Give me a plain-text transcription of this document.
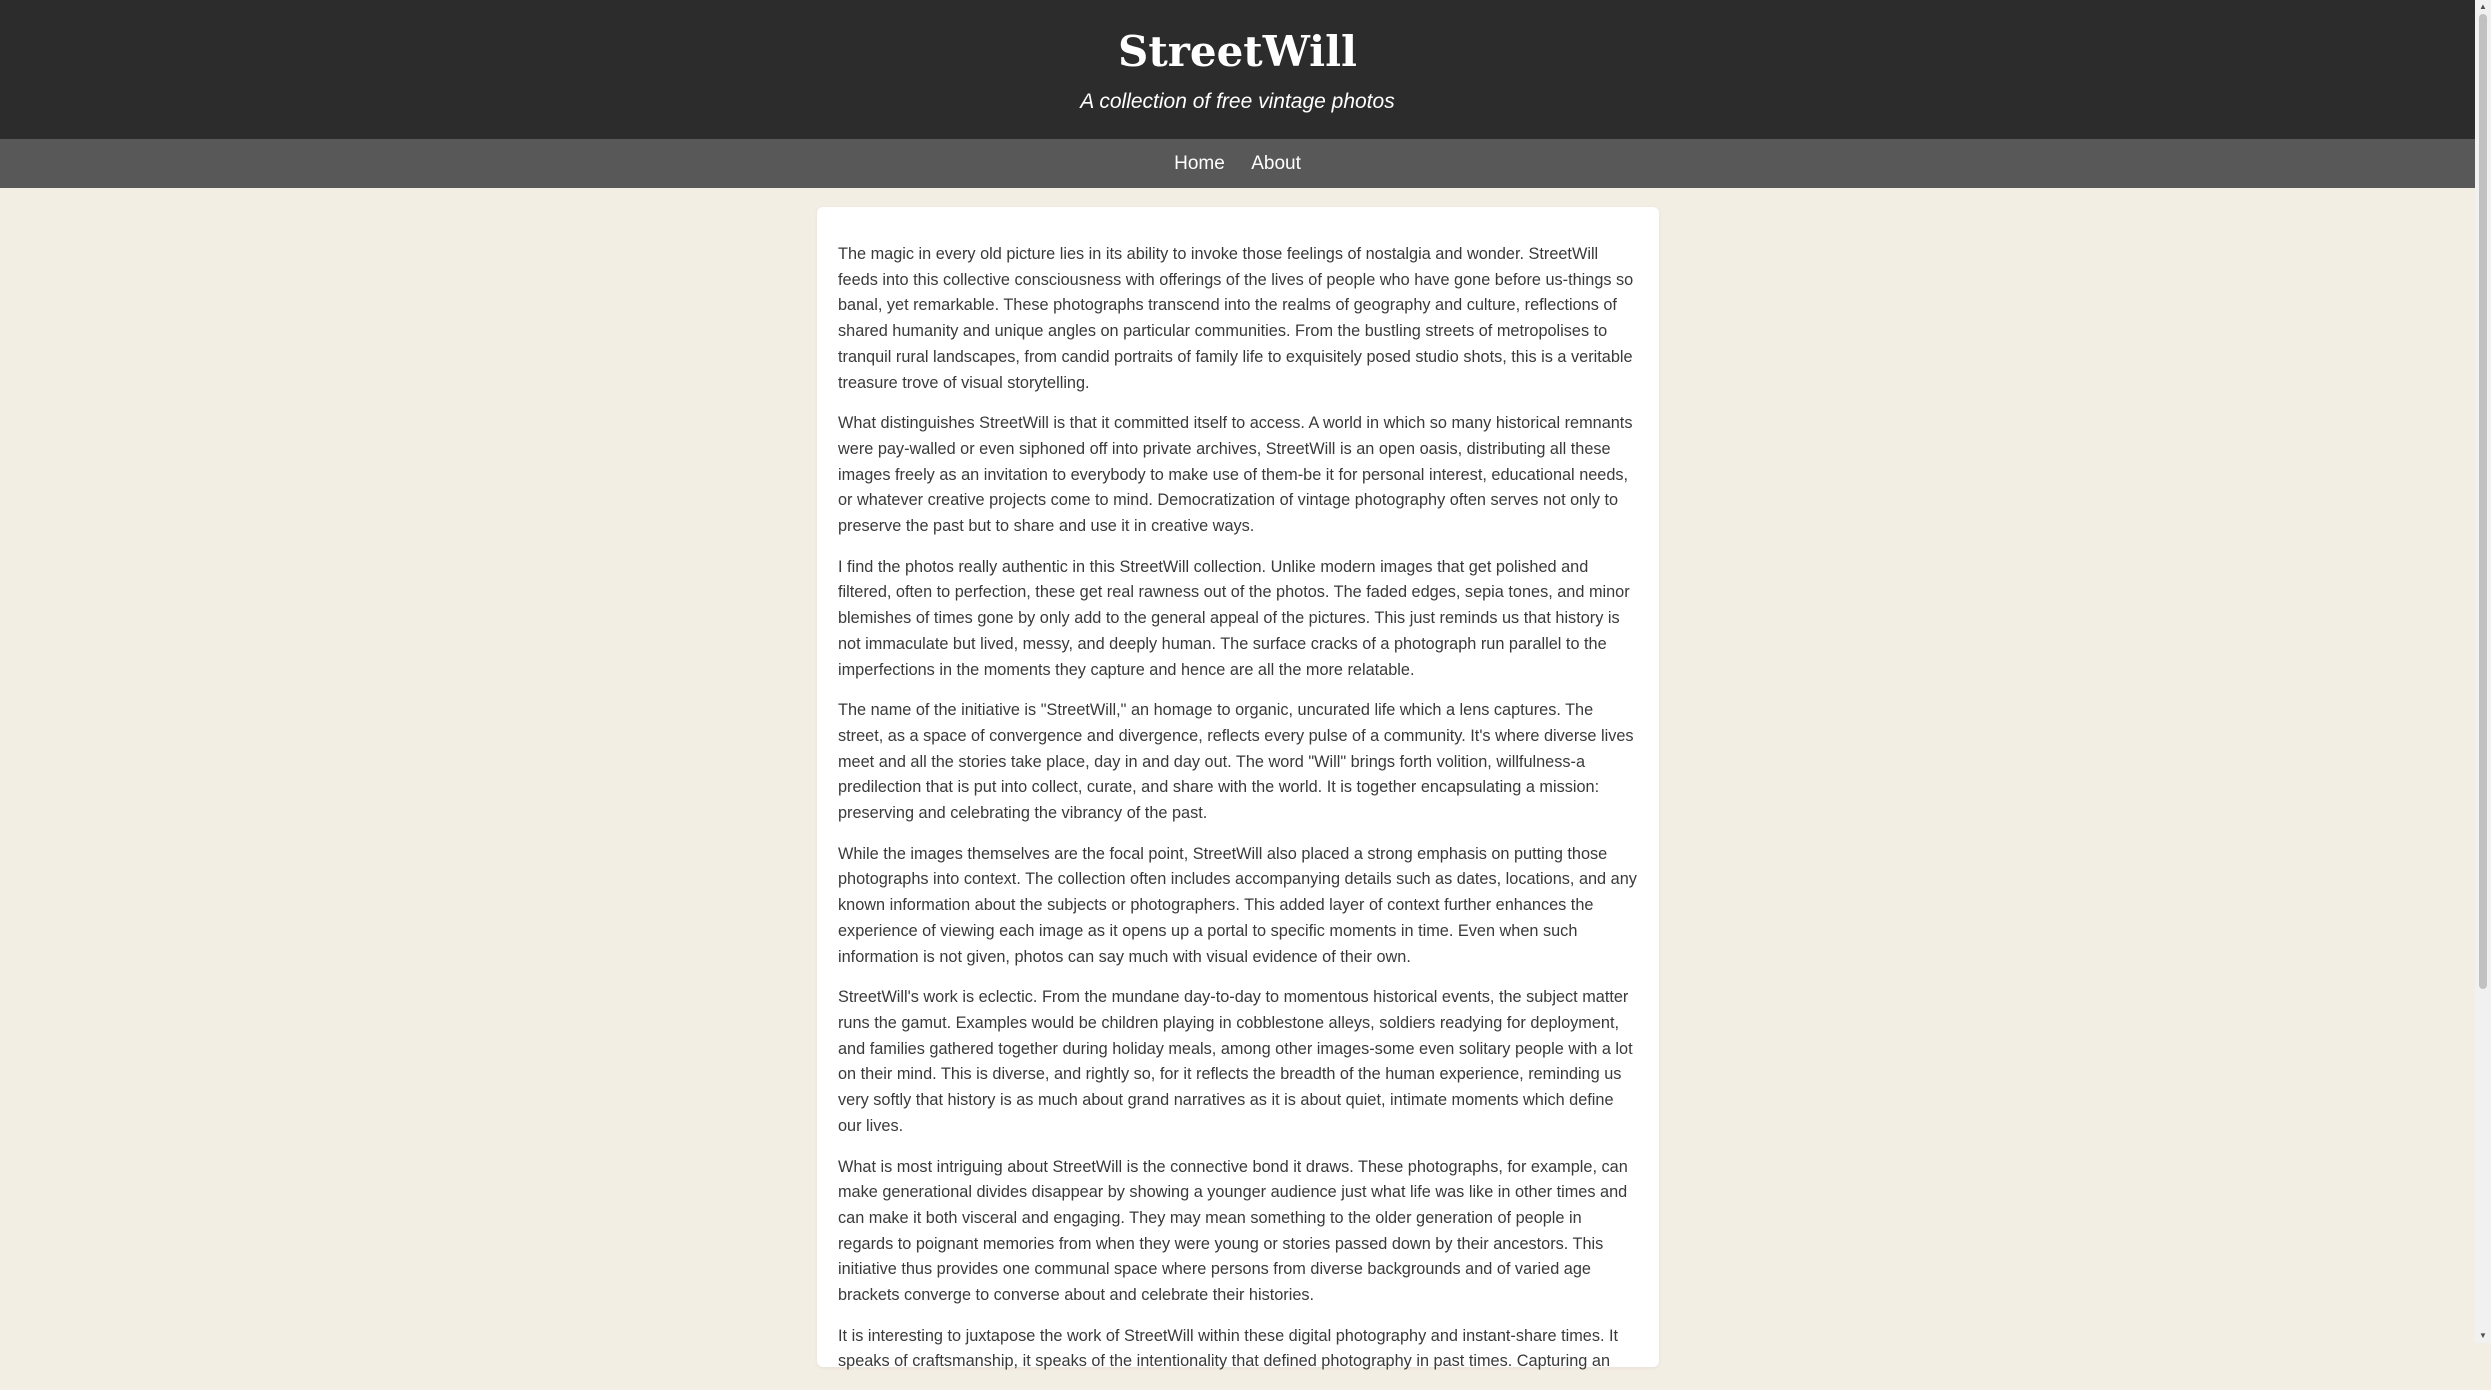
StreetWill

A collection of free vintage photos

Home About

The magic in every old picture lies in its ability to invoke those feelings of nostalgia and wonder. StreetWill feeds into this collective consciousness with offerings of the lives of people who have gone before us-things so banal, yet remarkable. These photographs transcend into the realms of geography and culture, reflections of shared humanity and unique angles on particular communities. From the bustling streets of metropolises to tranquil rural landscapes, from candid portraits of family life to exquisitely posed studio shots, this is a veritable treasure trove of visual storytelling.

What distinguishes StreetWill is that it committed itself to access. A world in which so many historical remnants were pay-walled or even siphoned off into private archives, StreetWill is an open oasis, distributing all these images freely as an invitation to everybody to make use of them-be it for personal interest, educational needs, or whatever creative projects come to mind. Democratization of vintage photography often serves not only to preserve the past but to share and use it in creative ways.

I find the photos really authentic in this StreetWill collection. Unlike modern images that get polished and filtered, often to perfection, these get real rawness out of the photos. The faded edges, sepia tones, and minor blemishes of times gone by only add to the general appeal of the pictures. This just reminds us that history is not immaculate but lived, messy, and deeply human. The surface cracks of a photograph run parallel to the imperfections in the moments they capture and hence are all the more relatable.

The name of the initiative is "StreetWill," an homage to organic, uncurated life which a lens captures. The street, as a space of convergence and divergence, reflects every pulse of a community. It's where diverse lives meet and all the stories take place, day in and day out. The word "Will" brings forth volition, willfulness-a predilection that is put into collect, curate, and share with the world. It is together encapsulating a mission: preserving and celebrating the vibrancy of the past.

While the images themselves are the focal point, StreetWill also placed a strong emphasis on putting those photographs into context. The collection often includes accompanying details such as dates, locations, and any known information about the subjects or photographers. This added layer of context further enhances the experience of viewing each image as it opens up a portal to specific moments in time. Even when such information is not given, photos can say much with visual evidence of their own.

StreetWill's work is eclectic. From the mundane day-to-day to momentous historical events, the subject matter runs the gamut. Examples would be children playing in cobblestone alleys, soldiers readying for deployment, and families gathered together during holiday meals, among other images-some even solitary people with a lot on their mind. This is diverse, and rightly so, for it reflects the breadth of the human experience, reminding us very softly that history is as much about grand narratives as it is about quiet, intimate moments which define our lives.

What is most intriguing about StreetWill is the connective bond it draws. These photographs, for example, can make generational divides disappear by showing a younger audience just what life was like in other times and can make it both visceral and engaging. They may mean something to the older generation of people in regards to poignant memories from when they were young or stories passed down by their ancestors. This initiative thus provides one communal space where persons from diverse backgrounds and of varied age brackets converge to converse about and celebrate their histories.

It is interesting to juxtapose the work of StreetWill within these digital photography and instant-share times. It speaks of craftsmanship, it speaks of the intentionality that defined photography in past times. Capturing an

▲
▼
